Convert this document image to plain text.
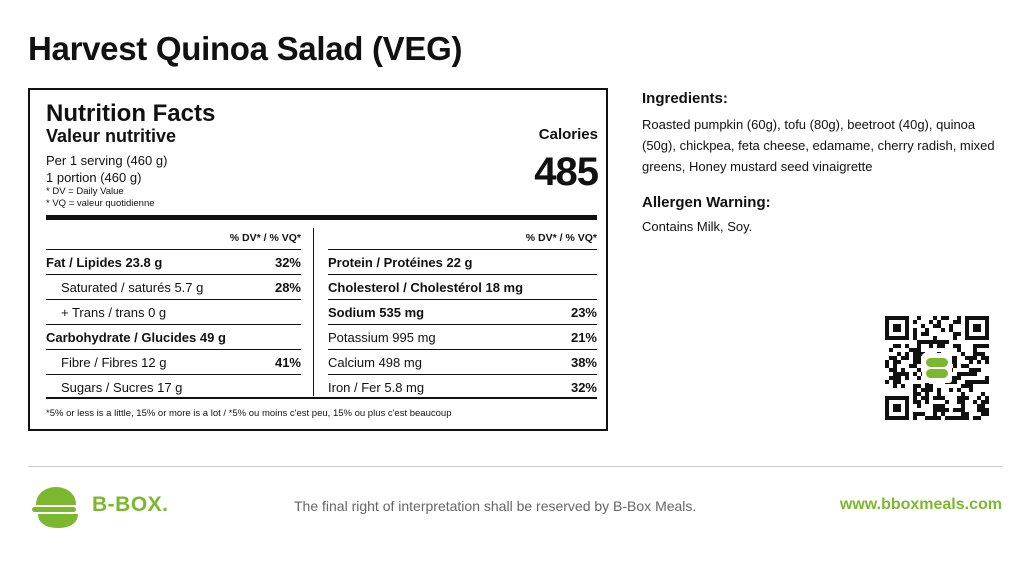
Harvest Quinoa Salad (VEG)
Nutrition Facts
Valeur nutritive
Per 1 serving (460 g)
1 portion (460 g)
* DV = Daily Value
* VQ = valeur quotidienne
Calories
485
% DV* / % VQ*
Fat / Lipides 23.8 g	32%
Saturated / saturés 5.7 g	28%
+ Trans / trans 0 g
Carbohydrate / Glucides 49 g
Fibre / Fibres 12 g	41%
Sugars / Sucres 17 g
% DV* / % VQ*
Protein / Protéines 22 g
Cholesterol / Cholestérol 18 mg
Sodium 535 mg	23%
Potassium 995 mg	21%
Calcium 498 mg	38%
Iron / Fer 5.8 mg	32%
*5% or less is a little, 15% or more is a lot / *5% ou moins c'est peu, 15% ou plus c'est beaucoup
Ingredients:
Roasted pumpkin (60g), tofu (80g), beetroot (40g), quinoa (50g), chickpea, feta cheese, edamame, cherry radish, mixed greens, Honey mustard seed vinaigrette
Allergen Warning:
Contains Milk, Soy.
B-BOX.	The final right of interpretation shall be reserved by B-Box Meals.	www.bboxmeals.com
